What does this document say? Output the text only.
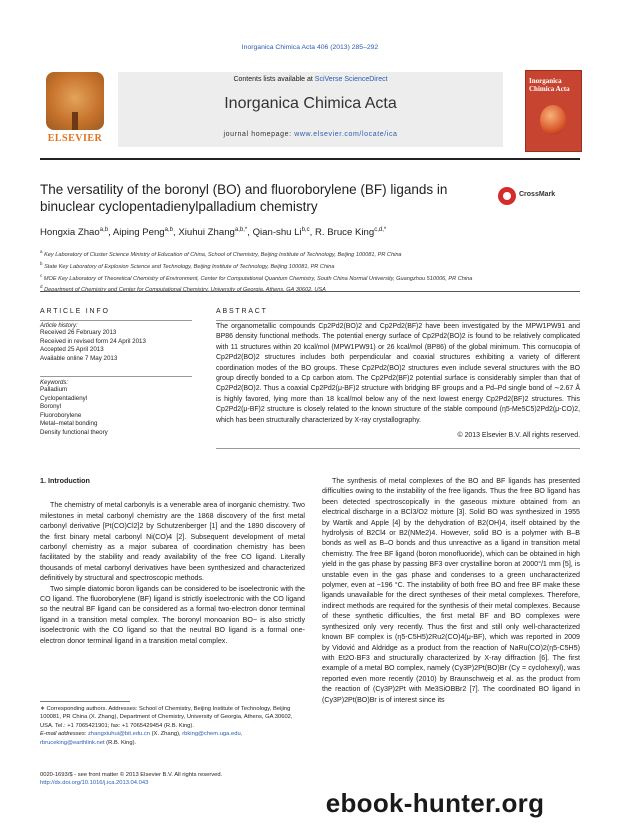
Inorganica Chimica Acta 406 (2013) 285–292
ELSEVIER
Contents lists available at SciVerse ScienceDirect
Inorganica Chimica Acta
journal homepage: www.elsevier.com/locate/ica
Inorganica Chimica Acta
The versatility of the boronyl (BO) and fluoroborylene (BF) ligands in binuclear cyclopentadienylpalladium chemistry
CrossMark
Hongxia Zhao$^{a,b}$, Aiping Peng$^{a,b}$, Xiuhui Zhang$^{a,b,*}$, Qian-shu Li$^{b,c}$, R. Bruce King$^{c,d,*}$
$^a$ Key Laboratory of Cluster Science Ministry of Education of China, School of Chemistry, Beijing Institute of Technology, Beijing 100081, PR China
$^b$ State Key Laboratory of Explosion Science and Technology, Beijing Institute of Technology, Beijing 100081, PR China
$^c$ MOE Key Laboratory of Theoretical Chemistry of Environment, Center for Computational Quantum Chemistry, South China Normal University, Guangzhou 510006, PR China
$^d$
ARTICLE INFO
Article history:
Received 26 February 2013
Received in revised form 24 April 2013
Accepted 25 April 2013
Available online 7 May 2013
Keywords:
Palladium
Cyclopentadienyl
Boronyl
Fluoroborylene
Metal–metal bonding
Density functional theory
ABSTRACT
The organometallic compounds Cp2Pd2(BO)2 and Cp2Pd2(BF)2 have been investigated by the MPW1PW91 and BP86 density functional methods. The potential energy surface of Cp2Pd2(BO)2 is found to be relatively complicated with 11 structures within 20 kcal/mol (MPW1PW91) or 26 kcal/mol (BP86) of the global minimum. This cornucopia of Cp2Pd2(BO)2 structures includes both perpendicular and coaxial structures exhibiting a variety of different coordination modes of the BO groups. These Cp2Pd2(BO)2 structures even include several structures with the BO group directly bonded to a Cp carbon atom. The Cp2Pd2(BF)2 potential surface is considerably simpler than that of Cp2Pd2(BO)2. Thus a coaxial Cp2Pd2(μ-BF)2 structure with bridging BF groups and a Pd–Pd single bond of ∼2.67 Å is highly favored, lying more than 18 kcal/mol below any of the next lowest energy Cp2Pd2(BF)2 structures. This Cp2Pd2(μ-BF)2 structure is closely related to the known structure of the stable compound (η5-Me5C5)2Pd2(μ-CO)2, which has been structurally characterized by X-ray crystallography.
© 2013 Elsevier B.V. All rights reserved.
1. Introduction

The chemistry of metal carbonyls is a venerable area of inorganic chemistry. Two milestones in metal carbonyl chemistry are the 1868 discovery of the first metal carbonyl derivative [Pt(CO)Cl2]2 by Schutzenberger [1] and the 1890 discovery of the first binary metal carbonyl Ni(CO)4 [2]. Subsequent development of metal carbonyl chemistry as a major subarea of coordination chemistry has been facilitated by the stability and ready availability of the free CO ligand. Literally thousands of metal carbonyl derivatives have been synthesized and characterized definitively by structural and spectroscopic methods.

Two simple diatomic boron ligands can be considered to be isoelectronic with the CO ligand. The fluoroborylene (BF) ligand is strictly isoelectronic with the CO ligand so the neutral BF ligand can be considered as a formal two-electron donor terminal ligand in a transition metal complex. The boronyl monoanion BO− is also strictly isoelectronic with the CO ligand so that the neutral BO ligand is a formal one-electron donor terminal ligand in a transition metal complex.

The synthesis of metal complexes of the BO and BF ligands has presented difficulties owing to the instability of the free ligands. Thus the free BO ligand has been detected spectroscopically in the gaseous mixture obtained from an electrical discharge in a BCl3/O2 mixture [3]. Solid BO was synthesized in 1955 by Wartik and Apple [4] by the dehydration of B2(OH)4, itself obtained by the hydrolysis of B2Cl4 or B2(NMe2)4. However, solid BO is a polymer with B–B bonds as well as B–O bonds and thus unreactive as a ligand in transition metal chemistry. The free BF ligand (boron monofluoride), which can be obtained in high yield in the gas phase by passing BF3 over crystalline boron at 2000°/1 mm [5], is unstable even in the gas phase and condenses to a green uncharacterized polymer, even at −196 °C. The instability of both free BO and free BF make these ligands unavailable for the direct syntheses of their metal complexes. Therefore, indirect methods are required for the synthesis of their metal complexes. Because of these synthetic difficulties, the first metal BF and BO complexes were synthesized only very recently. Thus the first and still only well-characterized known BF complex is (η5-C5H5)2Ru2(CO)4(μ-BF), which was reported in 2009 by Vidović and Aldridge as a product from the reaction of NaRu(CO)2(η5-C5H5) with Et2O·BF3 and structurally characterized by X-ray diffraction [6]. The first example of a metal BO complex, namely (Cy3P)2Pt(BO)Br (Cy = cyclohexyl), was reported even more recently (2010) by Braunschweig et al. as the product from the reaction of (Cy3P)2Pt with Me3SiOBBr2 [7]. The coordinated BO ligand in (Cy3P)2Pt(BO)Br is of interest since its

∗ Corresponding authors. Addresses: School of Chemistry, Beijing Institute of Technology, Beijing 100081, PR China (X. Zhang), Department of Chemistry, University of Georgia, Athens, GA 30602, USA. Tel.: +1 7065421901; fax: +1 7065429454 (R.B. King).
E-mail addresses: zhangxiuhui@bit.edu.cn (X. Zhang), rbking@chem.uga.edu, rbruceking@earthlink.net (R.B. King).
0020-1693/$ - see front matter © 2013 Elsevier B.V. All rights reserved.
http://dx.doi.org/10.1016/j.ica.2013.04.043
ebook-hunter.org
